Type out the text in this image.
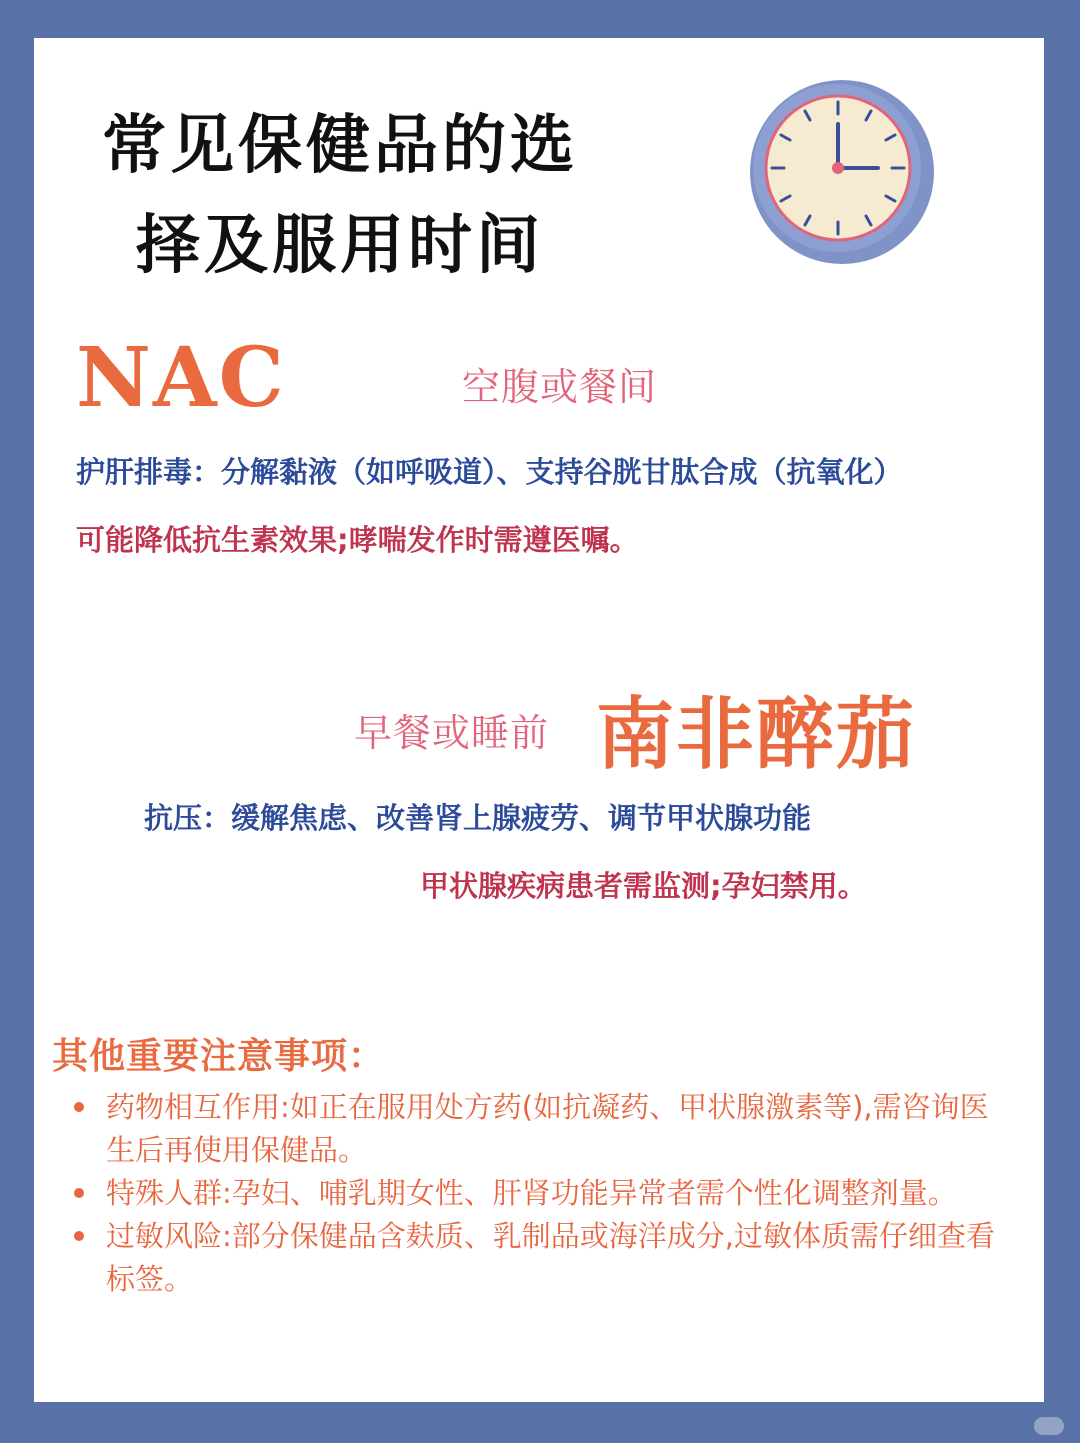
常见保健品的选
择及服用时间
NAC	空腹或餐间
护肝排毒：分解黏液（如呼吸道）、支持谷胱甘肽合成（抗氧化）
可能降低抗生素效果;哮喘发作时需遵医嘱。
早餐或睡前 南非醉茄
抗压：缓解焦虑、改善肾上腺疲劳、调节甲状腺功能
甲状腺疾病患者需监测;孕妇禁用。
其他重要注意事项：
药物相互作用:如正在服用处方药(如抗凝药、甲状腺激素等),需咨询医生后再使用保健品。
特殊人群:孕妇、哺乳期女性、肝肾功能异常者需个性化调整剂量。
过敏风险:部分保健品含麸质、乳制品或海洋成分,过敏体质需仔细查看标签。
